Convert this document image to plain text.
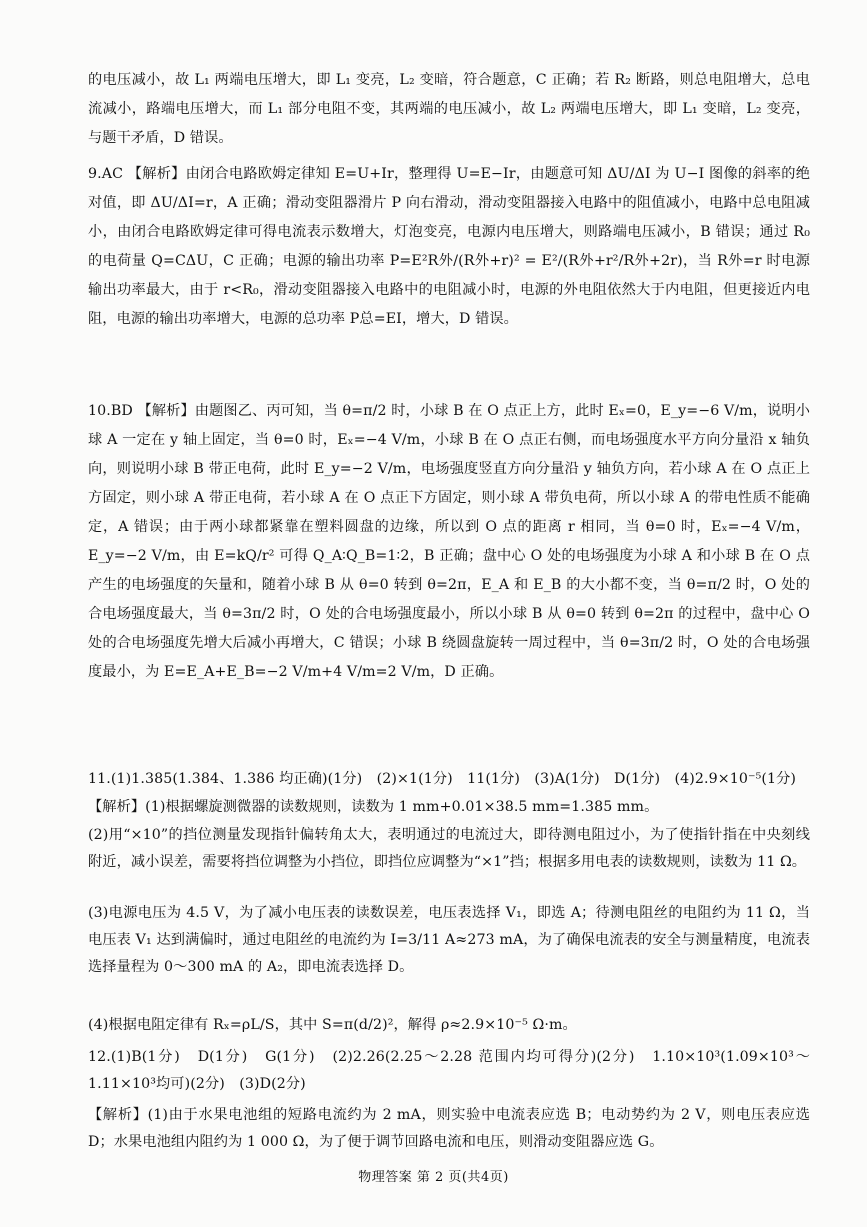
的电压减小，故 L₁ 两端电压增大，即 L₁ 变亮，L₂ 变暗，符合题意，C 正确；若 R₂ 断路，则总电阻增大，总电流减小，路端电压增大，而 L₁ 部分电阻不变，其两端的电压减小，故 L₂ 两端电压增大，即 L₁ 变暗，L₂ 变亮，与题干矛盾，D 错误。
9.AC 【解析】由闭合电路欧姆定律知 E=U+Ir，整理得 U=E−Ir，由题意可知 ΔU/ΔI 为 U−I 图像的斜率的绝对值，即 ΔU/ΔI=r，A 正确；滑动变阻器滑片 P 向右滑动，滑动变阻器接入电路中的阻值减小，电路中总电阻减小，由闭合电路欧姆定律可得电流表示数增大，灯泡变亮，电源内电压增大，则路端电压减小，B 错误；通过 R₀ 的电荷量 Q=CΔU，C 正确；电源的输出功率 P=E²R外/(R外+r)² = E²/(R外+r²/R外+2r)，当 R外=r 时电源输出功率最大，由于 r<R₀，滑动变阻器接入电路中的电阻减小时，电源的外电阻依然大于内电阻，但更接近内电阻，电源的输出功率增大，电源的总功率 P总=EI，增大，D 错误。
10.BD 【解析】由题图乙、丙可知，当 θ=π/2 时，小球 B 在 O 点正上方，此时 Eₓ=0，E_y=−6 V/m，说明小球 A 一定在 y 轴上固定，当 θ=0 时，Eₓ=−4 V/m，小球 B 在 O 点正右侧，而电场强度水平方向分量沿 x 轴负向，则说明小球 B 带正电荷，此时 E_y=−2 V/m，电场强度竖直方向分量沿 y 轴负方向，若小球 A 在 O 点正上方固定，则小球 A 带正电荷，若小球 A 在 O 点正下方固定，则小球 A 带负电荷，所以小球 A 的带电性质不能确定，A 错误；由于两小球都紧靠在塑料圆盘的边缘，所以到 O 点的距离 r 相同，当 θ=0 时，Eₓ=−4 V/m，E_y=−2 V/m，由 E=kQ/r² 可得 Q_A∶Q_B=1∶2，B 正确；盘中心 O 处的电场强度为小球 A 和小球 B 在 O 点产生的电场强度的矢量和，随着小球 B 从 θ=0 转到 θ=2π，E_A 和 E_B 的大小都不变，当 θ=π/2 时，O 处的合电场强度最大，当 θ=3π/2 时，O 处的合电场强度最小，所以小球 B 从 θ=0 转到 θ=2π 的过程中，盘中心 O 处的合电场强度先增大后减小再增大，C 错误；小球 B 绕圆盘旋转一周过程中，当 θ=3π/2 时，O 处的合电场强度最小，为 E=E_A+E_B=−2 V/m+4 V/m=2 V/m，D 正确。
11.(1)1.385(1.384、1.386 均正确)(1分)　(2)×1(1分)　11(1分)　(3)A(1分)　D(1分)　(4)2.9×10⁻⁵(1分)
【解析】(1)根据螺旋测微器的读数规则，读数为 1 mm+0.01×38.5 mm=1.385 mm。
(2)用“×10”的挡位测量发现指针偏转角太大，表明通过的电流过大，即待测电阻过小，为了使指针指在中央刻线附近，减小误差，需要将挡位调整为小挡位，即挡位应调整为“×1”挡；根据多用电表的读数规则，读数为 11 Ω。
(3)电源电压为 4.5 V，为了减小电压表的读数误差，电压表选择 V₁，即选 A；待测电阻丝的电阻约为 11 Ω，当电压表 V₁ 达到满偏时，通过电阻丝的电流约为 I=3/11 A≈273 mA，为了确保电流表的安全与测量精度，电流表选择量程为 0～300 mA 的 A₂，即电流表选择 D。
(4)根据电阻定律有 Rₓ=ρL/S，其中 S=π(d/2)²，解得 ρ≈2.9×10⁻⁵ Ω·m。
12.(1)B(1分)　D(1分)　G(1分)　(2)2.26(2.25～2.28 范围内均可得分)(2分)　1.10×10³(1.09×10³～1.11×10³均可)(2分)　(3)D(2分)
【解析】(1)由于水果电池组的短路电流约为 2 mA，则实验中电流表应选 B；电动势约为 2 V，则电压表应选 D；水果电池组内阻约为 1 000 Ω，为了便于调节回路电流和电压，则滑动变阻器应选 G。
物理答案 第 2 页(共4页)
